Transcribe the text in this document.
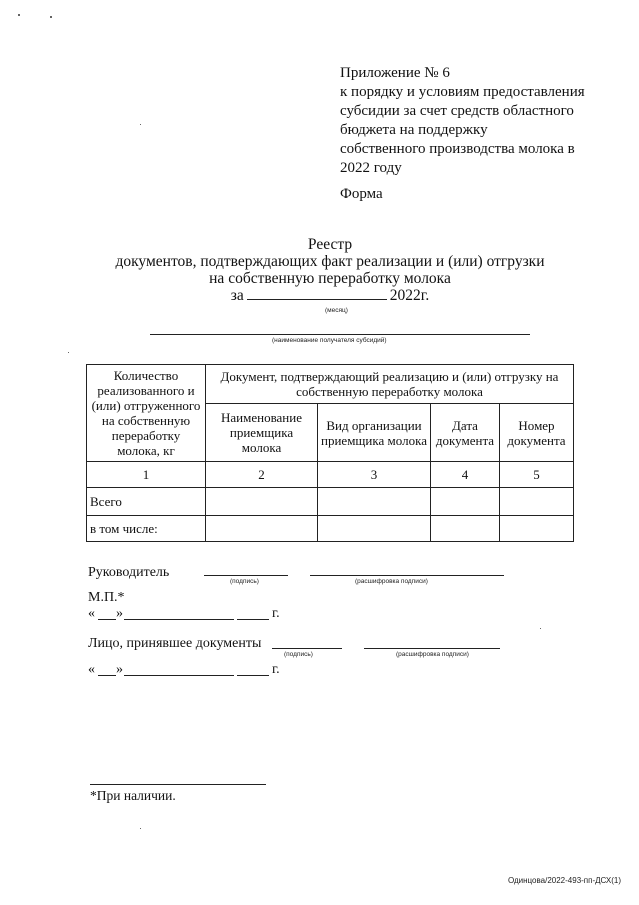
Приложение № 6
к порядку и условиям предоставления
субсидии за счет средств областного
бюджета на поддержку
собственного производства молока в
2022 году
Форма
Реестр
документов, подтверждающих факт реализации и (или) отгрузки
на собственную переработку молока
за	2022г.
(месяц)
(наименование получателя субсидий)
Количество реализованного и (или) отгруженного на собственную переработку молока, кг	Документ, подтверждающий реализацию и (или) отгрузку на собственную переработку молока			
	Наименование приемщика молока	Вид организации приемщика молока	Дата документа	Номер документа
1	2	3	4	5
Всего				
в том числе:				
Руководитель
(подпись)	(расшифровка подписи)
М.П.*
« »	г.
Лицо, принявшее документы
(подпись)	(расшифровка подписи)
« »	г.
*При наличии.
Одинцова/2022-493-пп-ДСХ(1)
